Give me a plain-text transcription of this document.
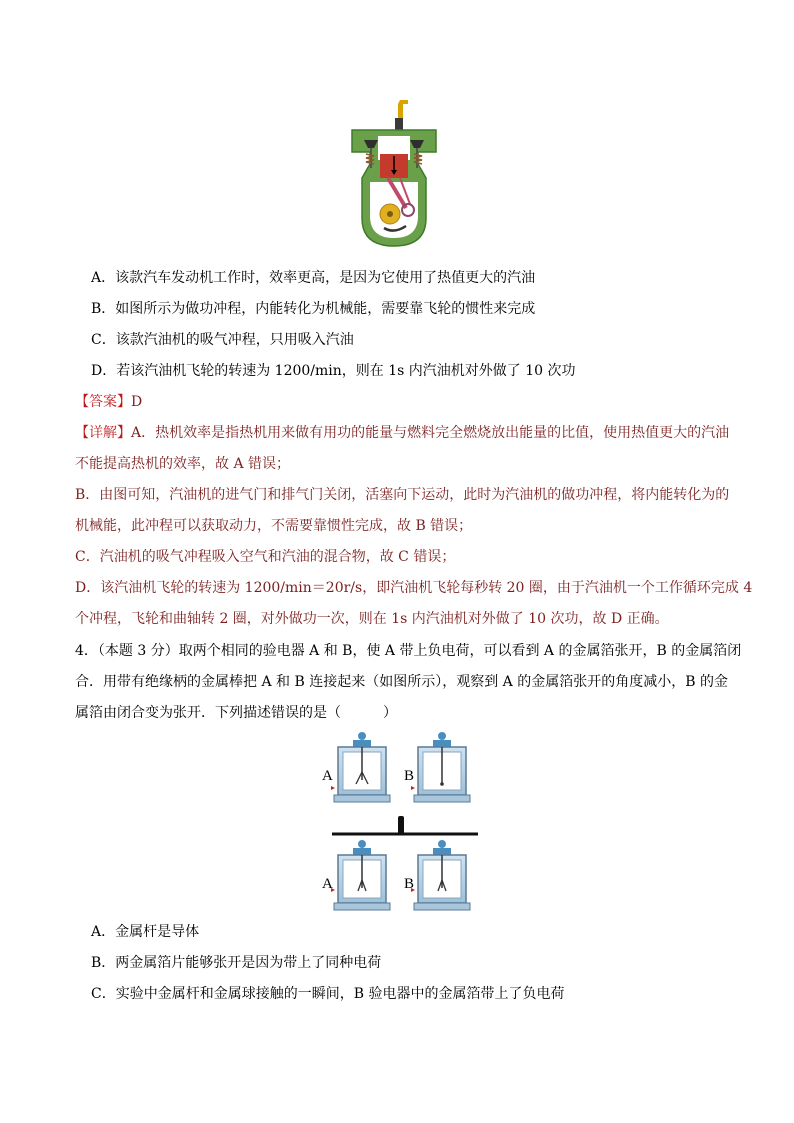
A．该款汽车发动机工作时，效率更高，是因为它使用了热值更大的汽油
B．如图所示为做功冲程，内能转化为机械能，需要靠飞轮的惯性来完成
C．该款汽油机的吸气冲程，只用吸入汽油
D．若该汽油机飞轮的转速为 1200/min，则在 1s 内汽油机对外做了 10 次功
【答案】D
【详解】A．热机效率是指热机用来做有用功的能量与燃料完全燃烧放出能量的比值，使用热值更大的汽油
不能提高热机的效率，故 A 错误；
B．由图可知，汽油机的进气门和排气门关闭，活塞向下运动，此时为汽油机的做功冲程，将内能转化为的
机械能，此冲程可以获取动力，不需要靠惯性完成，故 B 错误；
C．汽油机的吸气冲程吸入空气和汽油的混合物，故 C 错误；
D．该汽油机飞轮的转速为 1200/min＝20r/s，即汽油机飞轮每秒转 20 圈，由于汽油机一个工作循环完成 4
个冲程，飞轮和曲轴转 2 圈，对外做功一次，则在 1s 内汽油机对外做了 10 次功，故 D 正确。
4．（本题 3 分）取两个相同的验电器 A 和 B，使 A 带上负电荷，可以看到 A 的金属箔张开，B 的金属箔闭
合．用带有绝缘柄的金属棒把 A 和 B 连接起来（如图所示），观察到 A 的金属箔张开的角度减小，B 的金
属箔由闭合变为张开．下列描述错误的是（　　　）
A	B
A	B
A．金属杆是导体
B．两金属箔片能够张开是因为带上了同种电荷
C．实验中金属杆和金属球接触的一瞬间，B 验电器中的金属箔带上了负电荷
